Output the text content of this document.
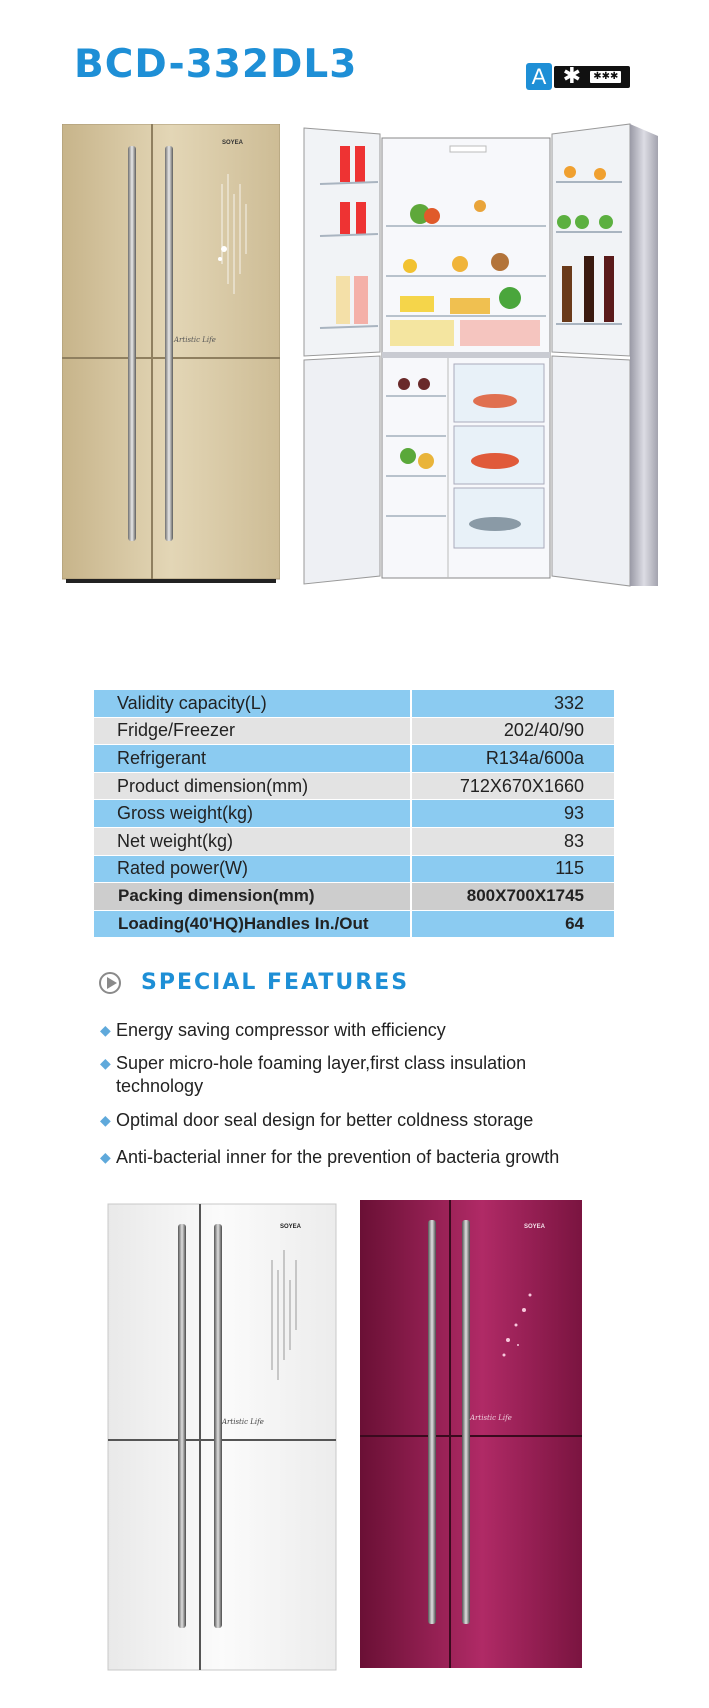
BCD-332DL3	A ✱	✱✱✱
SOYEA
Artistic Life
Validity capacity(L)	332
Fridge/Freezer	202/40/90
Refrigerant	R134a/600a
Product dimension(mm)	712X670X1660
Gross weight(kg)	93
Net weight(kg)	83
Rated power(W)	115
Packing dimension(mm)	800X700X1745
Loading(40'HQ)Handles In./Out	64
SPECIAL FEATURES
◆ Energy saving compressor with efficiency
◆ Super micro-hole foaming layer,first class insulation technology
◆ Optimal door seal design for better coldness storage
◆ Anti-bacterial inner for the prevention of bacteria growth
SOYEA
Artistic Life
SOYEA
Artistic Life
